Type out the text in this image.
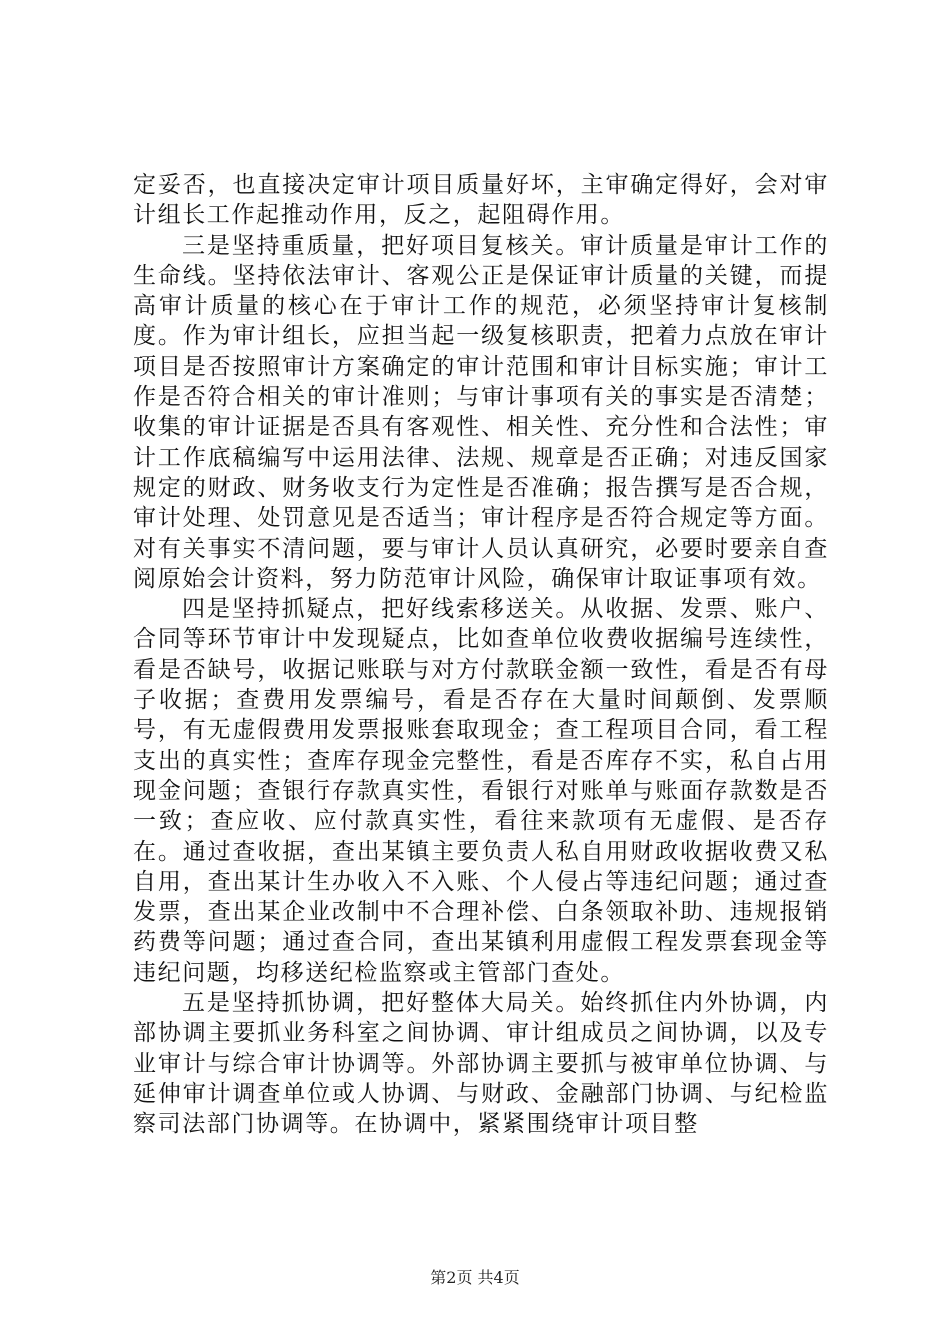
定妥否，也直接决定审计项目质量好坏，主审确定得好，会对审计组长工作起推动作用，反之，起阻碍作用。

三是坚持重质量，把好项目复核关。审计质量是审计工作的生命线。坚持依法审计、客观公正是保证审计质量的关键，而提高审计质量的核心在于审计工作的规范，必须坚持审计复核制度。作为审计组长，应担当起一级复核职责，把着力点放在审计项目是否按照审计方案确定的审计范围和审计目标实施；审计工作是否符合相关的审计准则；与审计事项有关的事实是否清楚；收集的审计证据是否具有客观性、相关性、充分性和合法性；审计工作底稿编写中运用法律、法规、规章是否正确；对违反国家规定的财政、财务收支行为定性是否准确；报告撰写是否合规，审计处理、处罚意见是否适当；审计程序是否符合规定等方面。对有关事实不清问题，要与审计人员认真研究，必要时要亲自查阅原始会计资料，努力防范审计风险，确保审计取证事项有效。

四是坚持抓疑点，把好线索移送关。从收据、发票、账户、合同等环节审计中发现疑点，比如查单位收费收据编号连续性，看是否缺号，收据记账联与对方付款联金额一致性，看是否有母子收据；查费用发票编号，看是否存在大量时间颠倒、发票顺号，有无虚假费用发票报账套取现金；查工程项目合同，看工程支出的真实性；查库存现金完整性，看是否库存不实，私自占用现金问题；查银行存款真实性，看银行对账单与账面存款数是否一致；查应收、应付款真实性，看往来款项有无虚假、是否存在。通过查收据，查出某镇主要负责人私自用财政收据收费又私自用，查出某计生办收入不入账、个人侵占等违纪问题；通过查发票，查出某企业改制中不合理补偿、白条领取补助、违规报销药费等问题；通过查合同，查出某镇利用虚假工程发票套现金等违纪问题，均移送纪检监察或主管部门查处。

五是坚持抓协调，把好整体大局关。始终抓住内外协调，内部协调主要抓业务科室之间协调、审计组成员之间协调，以及专业审计与综合审计协调等。外部协调主要抓与被审单位协调、与延伸审计调查单位或人协调、与财政、金融部门协调、与纪检监察司法部门协调等。在协调中，紧紧围绕审计项目整

第2页 共4页
